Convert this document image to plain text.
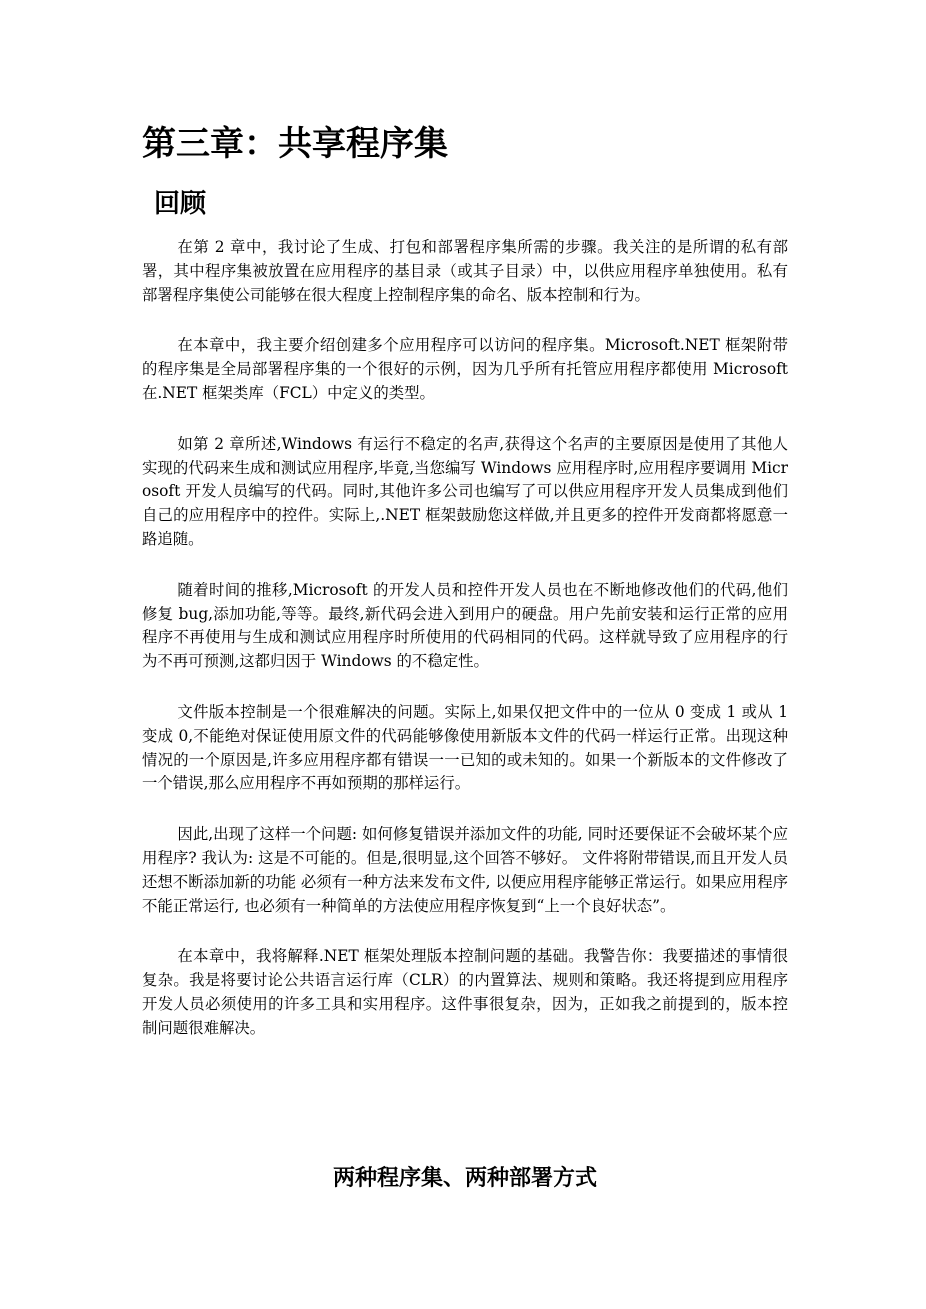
第三章：共享程序集
回顾

在第 2 章中，我讨论了生成、打包和部署程序集所需的步骤。我关注的是所谓的私有部署，其中程序集被放置在应用程序的基目录（或其子目录）中，以供应用程序单独使用。私有部署程序集使公司能够在很大程度上控制程序集的命名、版本控制和行为。

在本章中，我主要介绍创建多个应用程序可以访问的程序集。Microsoft.NET 框架附带的程序集是全局部署程序集的一个很好的示例，因为几乎所有托管应用程序都使用 Microsoft 在.NET 框架类库（FCL）中定义的类型。

如第 2 章所述,Windows 有运行不稳定的名声,获得这个名声的主要原因是使用了其他人实现的代码来生成和测试应用程序,毕竟,当您编写 Windows 应用程序时,应用程序要调用 Microsoft 开发人员编写的代码。同时,其他许多公司也编写了可以供应用程序开发人员集成到他们自己的应用程序中的控件。实际上,.NET 框架鼓励您这样做,并且更多的控件开发商都将愿意一路追随。

随着时间的推移,Microsoft 的开发人员和控件开发人员也在不断地修改他们的代码,他们修复 bug,添加功能,等等。最终,新代码会进入到用户的硬盘。用户先前安装和运行正常的应用程序不再使用与生成和测试应用程序时所使用的代码相同的代码。这样就导致了应用程序的行为不再可预测,这都归因于 Windows 的不稳定性。

文件版本控制是一个很难解决的问题。实际上,如果仅把文件中的一位从 0 变成 1 或从 1 变成 0,不能绝对保证使用原文件的代码能够像使用新版本文件的代码一样运行正常。出现这种情况的一个原因是,许多应用程序都有错误一一已知的或未知的。如果一个新版本的文件修改了一个错误,那么应用程序不再如预期的那样运行。

因此,出现了这样一个问题: 如何修复错误并添加文件的功能, 同时还要保证不会破坏某个应用程序? 我认为: 这是不可能的。但是,很明显,这个回答不够好。 文件将附带错误,而且开发人员还想不断添加新的功能 必须有一种方法来发布文件, 以便应用程序能够正常运行。如果应用程序不能正常运行, 也必须有一种简单的方法使应用程序恢复到“上一个良好状态”。

在本章中，我将解释.NET 框架处理版本控制问题的基础。我警告你：我要描述的事情很复杂。我是将要讨论公共语言运行库（CLR）的内置算法、规则和策略。我还将提到应用程序开发人员必须使用的许多工具和实用程序。这件事很复杂，因为，正如我之前提到的，版本控制问题很难解决。

两种程序集、两种部署方式
